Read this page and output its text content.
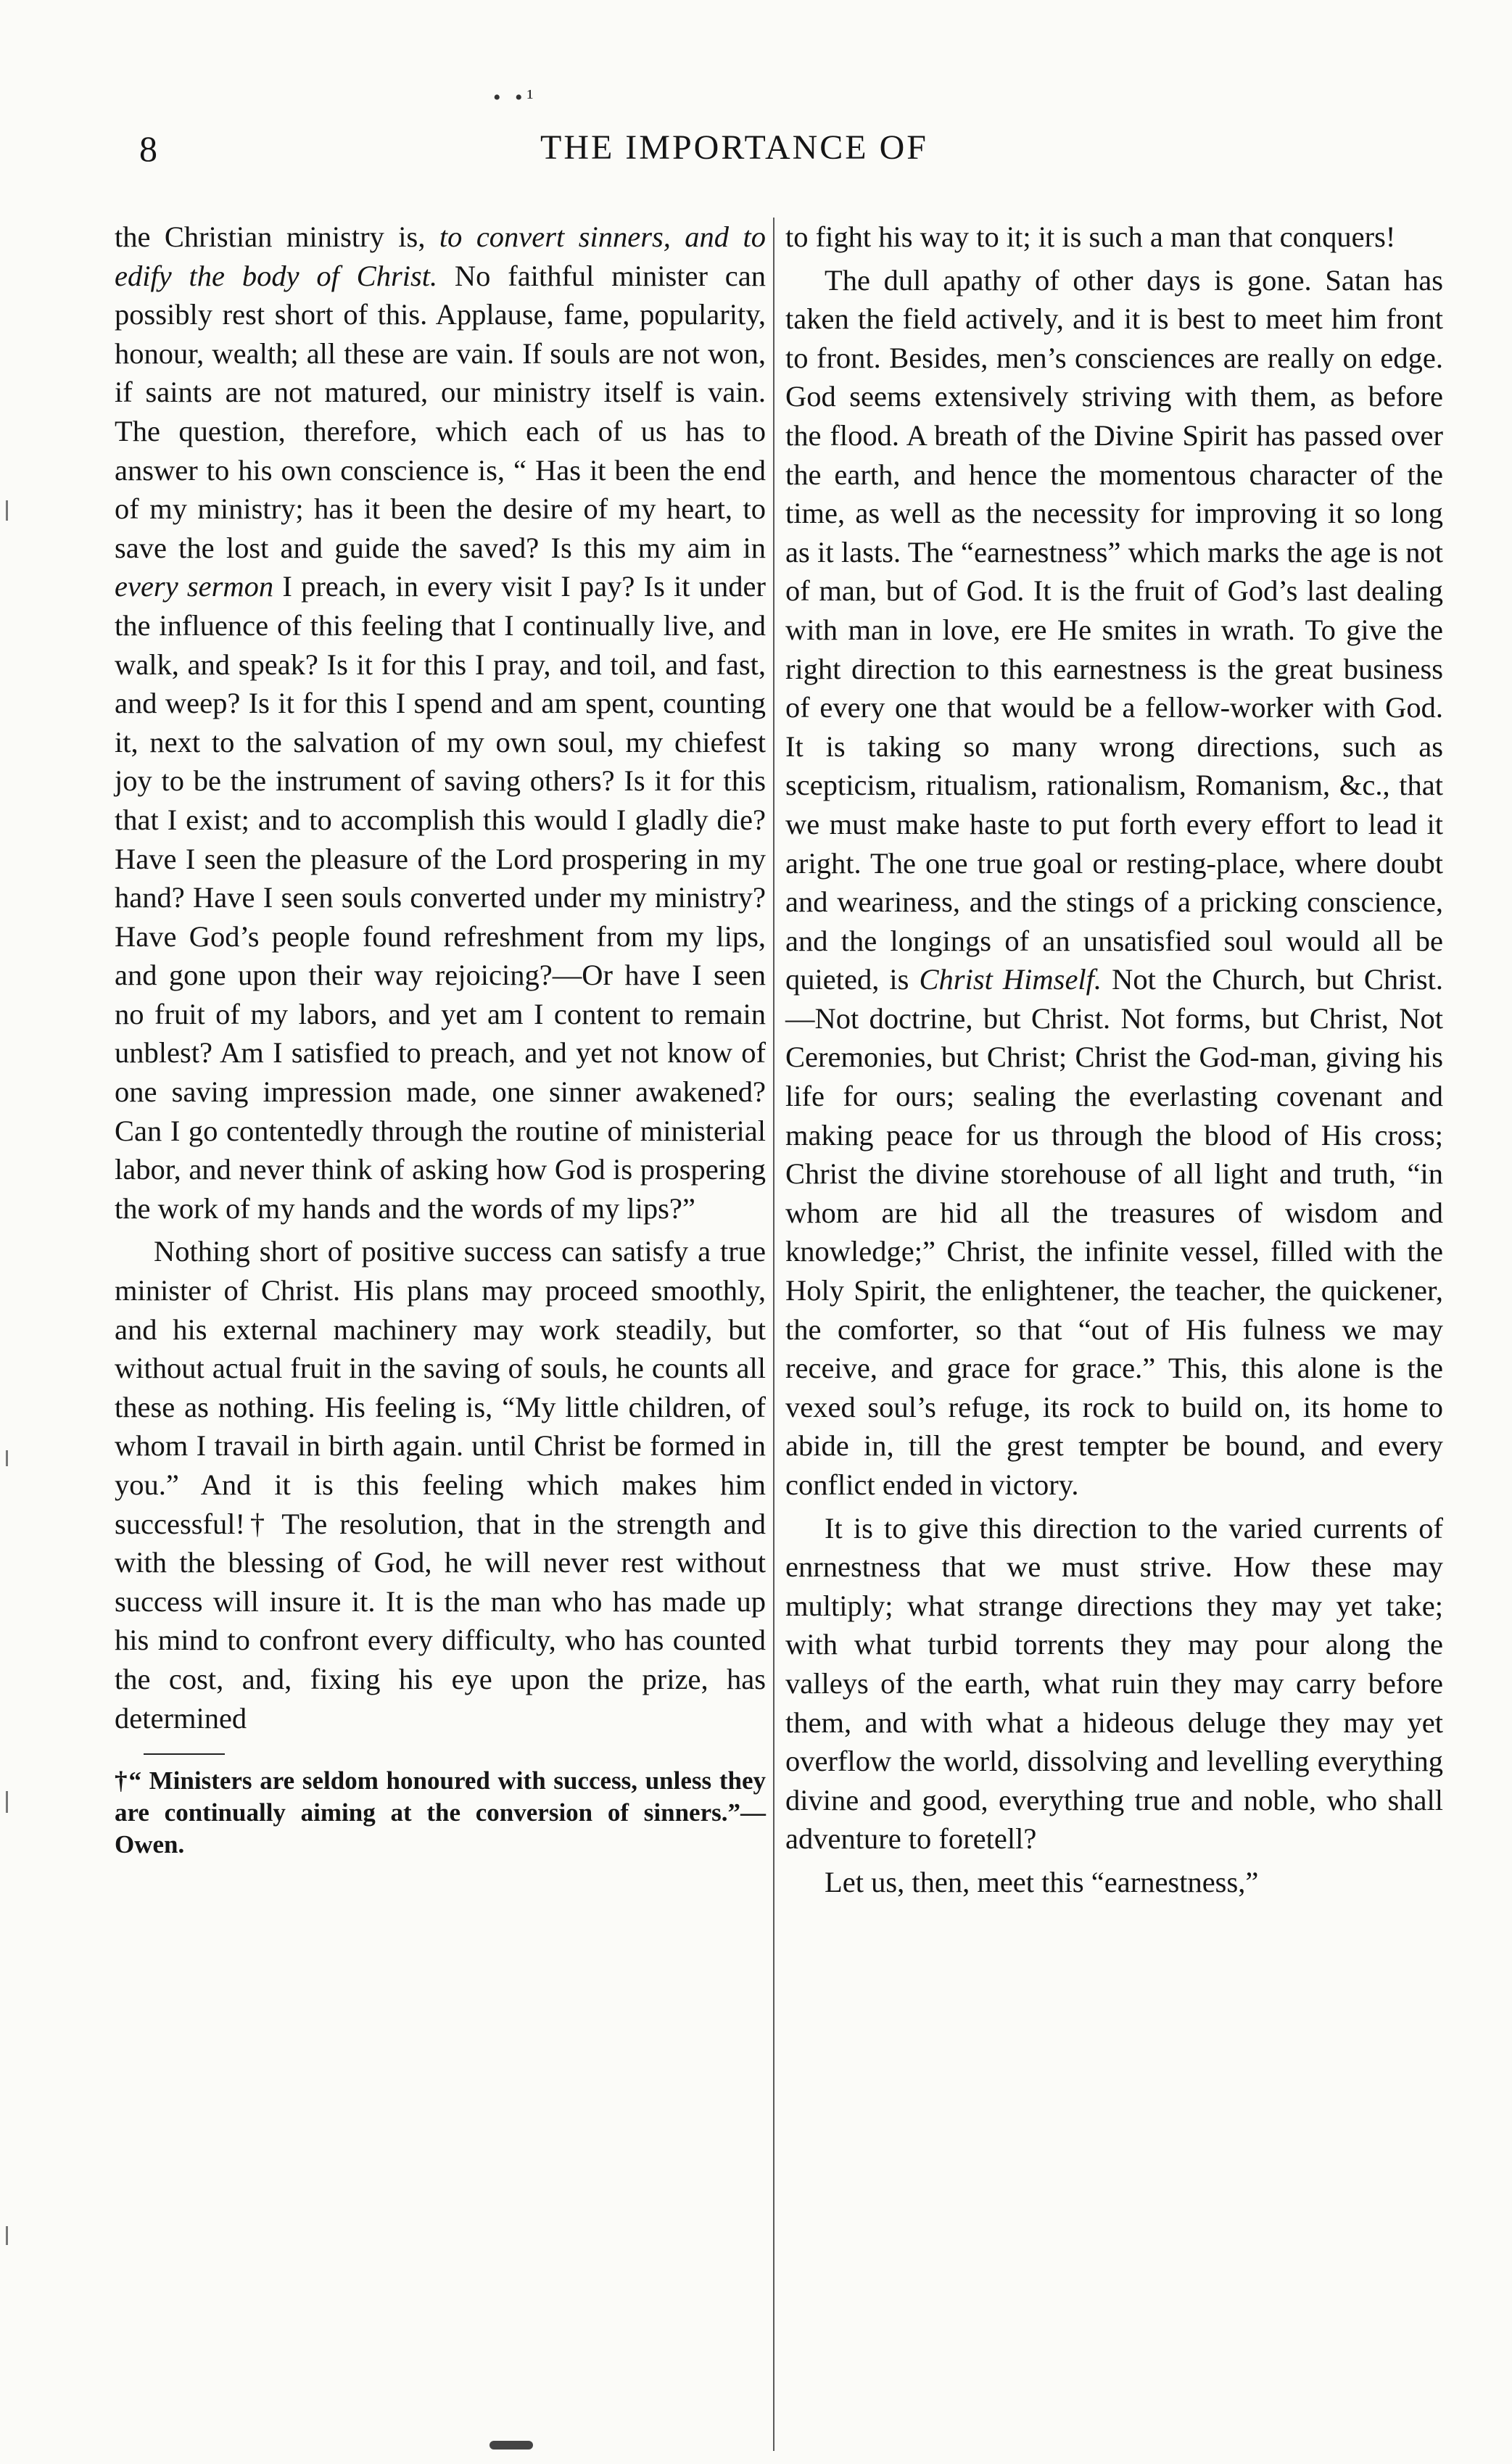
• •¹
8	THE IMPORTANCE OF

the Christian ministry is, to convert sinners, and to edify the body of Christ. No faithful minister can possibly rest short of this. Applause, fame, popularity, honour, wealth; all these are vain. If souls are not won, if saints are not matured, our ministry itself is vain. The question, therefore, which each of us has to answer to his own conscience is, “ Has it been the end of my ministry; has it been the desire of my heart, to save the lost and guide the saved? Is this my aim in every sermon I preach, in every visit I pay? Is it under the influence of this feeling that I continually live, and walk, and speak? Is it for this I pray, and toil, and fast, and weep? Is it for this I spend and am spent, counting it, next to the salvation of my own soul, my chiefest joy to be the instrument of saving others? Is it for this that I exist; and to accomplish this would I gladly die? Have I seen the pleasure of the Lord prospering in my hand? Have I seen souls converted under my ministry? Have God’s people found refreshment from my lips, and gone upon their way rejoicing?—Or have I seen no fruit of my labors, and yet am I content to remain unblest? Am I satisfied to preach, and yet not know of one saving impression made, one sinner awakened? Can I go contentedly through the routine of ministerial labor, and never think of asking how God is prospering the work of my hands and the words of my lips?”

Nothing short of positive success can satisfy a true minister of Christ. His plans may proceed smoothly, and his external machinery may work steadily, but without actual fruit in the saving of souls, he counts all these as nothing. His feeling is, “My little children, of whom I travail in birth again. until Christ be formed in you.” And it is this feeling which makes him successful!† The resolution, that in the strength and with the blessing of God, he will never rest without success will insure it. It is the man who has made up his mind to confront every difficulty, who has counted the cost, and, fixing his eye upon the prize, has determined

†“ Ministers are seldom honoured with success, unless they are continually aiming at the conversion of sinners.”—Owen.

to fight his way to it; it is such a man that conquers!

The dull apathy of other days is gone. Satan has taken the field actively, and it is best to meet him front to front. Besides, men’s consciences are really on edge. God seems extensively striving with them, as before the flood. A breath of the Divine Spirit has passed over the earth, and hence the momentous character of the time, as well as the necessity for improving it so long as it lasts. The “earnestness” which marks the age is not of man, but of God. It is the fruit of God’s last dealing with man in love, ere He smites in wrath. To give the right direction to this earnestness is the great business of every one that would be a fellow-worker with God. It is taking so many wrong directions, such as scepticism, ritualism, rationalism, Romanism, &c., that we must make haste to put forth every effort to lead it aright. The one true goal or resting-place, where doubt and weariness, and the stings of a pricking conscience, and the longings of an unsatisfied soul would all be quieted, is Christ Himself. Not the Church, but Christ.—Not doctrine, but Christ. Not forms, but Christ, Not Ceremonies, but Christ; Christ the God-man, giving his life for ours; sealing the everlasting covenant and making peace for us through the blood of His cross; Christ the divine storehouse of all light and truth, “in whom are hid all the treasures of wisdom and knowledge;” Christ, the infinite vessel, filled with the Holy Spirit, the enlightener, the teacher, the quickener, the comforter, so that “out of His fulness we may receive, and grace for grace.” This, this alone is the vexed soul’s refuge, its rock to build on, its home to abide in, till the grest tempter be bound, and every conflict ended in victory.

It is to give this direction to the varied currents of enrnestness that we must strive. How these may multiply; what strange directions they may yet take; with what turbid torrents they may pour along the valleys of the earth, what ruin they may carry before them, and with what a hideous deluge they may yet overflow the world, dissolving and levelling everything divine and good, everything true and noble, who shall adventure to foretell?

Let us, then, meet this “earnestness,”
